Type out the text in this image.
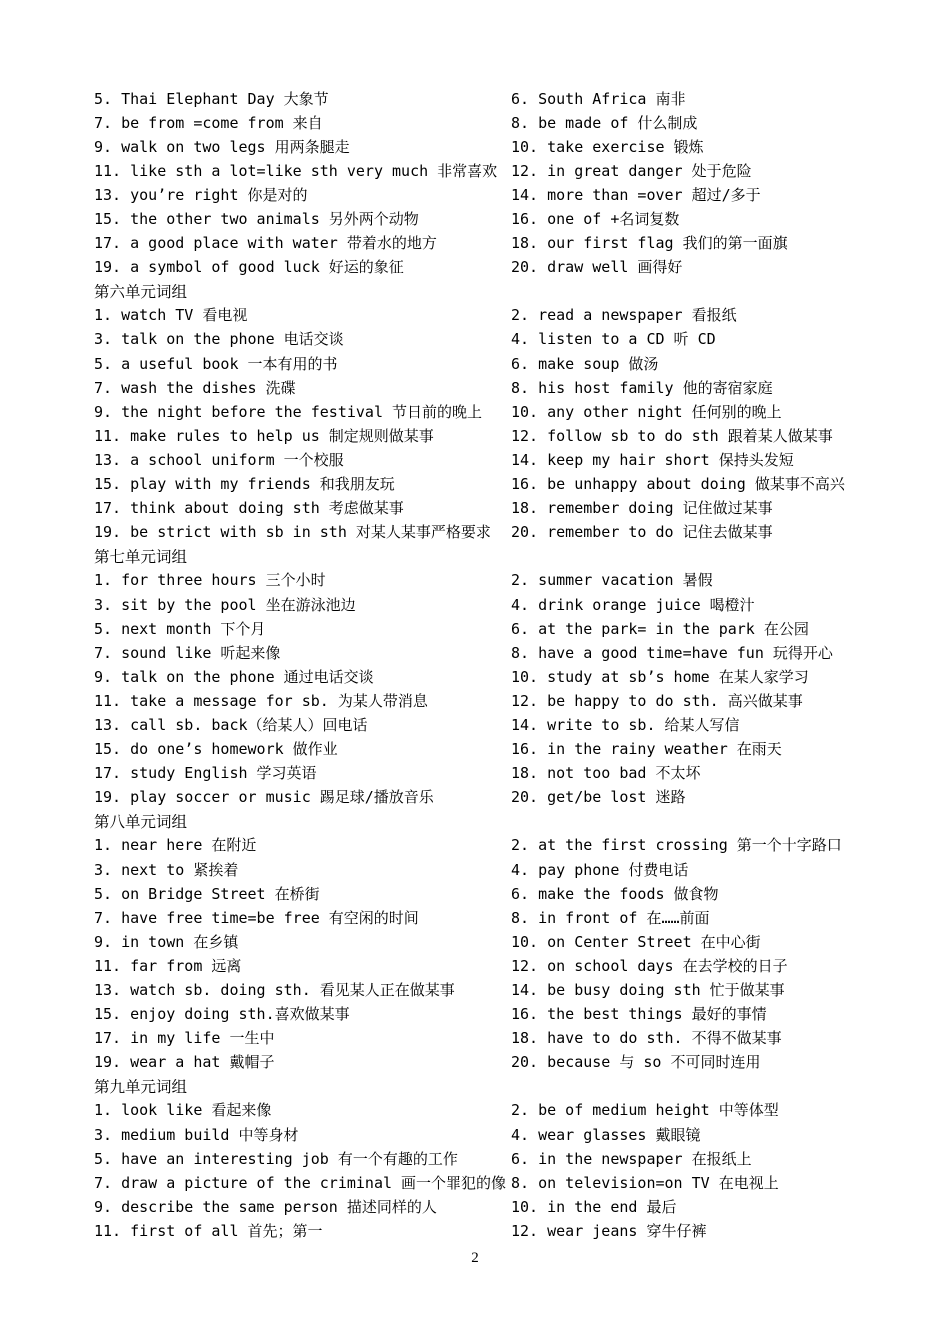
5. Thai Elephant Day 大象节	6. South Africa 南非
7. be from =come from 来自	8. be made of 什么制成
9. walk on two legs 用两条腿走	10. take exercise 锻炼
11. like sth a lot=like sth very much 非常喜欢 12. in great danger 处于危险
13. you’re right 你是对的	14. more than =over 超过/多于
15. the other two animals 另外两个动物	16. one of +名词复数
17. a good place with water 带着水的地方	18. our first flag 我们的第一面旗
19. a symbol of good luck 好运的象征	20. draw well 画得好
第六单元词组
1. watch TV 看电视	2. read a newspaper 看报纸
3. talk on the phone 电话交谈	4. listen to a CD 听 CD
5. a useful book 一本有用的书	6. make soup 做汤
7. wash the dishes 洗碟	8. his host family 他的寄宿家庭
9. the night before the festival 节日前的晚上	10. any other night 任何别的晚上
11. make rules to help us 制定规则做某事	12. follow sb to do sth 跟着某人做某事
13. a school uniform 一个校服	14. keep my hair short 保持头发短
15. play with my friends 和我朋友玩	16. be unhappy about doing 做某事不高兴
17. think about doing sth 考虑做某事	18. remember doing 记住做过某事
19. be strict with sb in sth 对某人某事严格要求	20. remember to do 记住去做某事
第七单元词组
1. for three hours 三个小时	2. summer vacation 暑假
3. sit by the pool 坐在游泳池边	4. drink orange juice 喝橙汁
5. next month 下个月	6. at the park= in the park 在公园
7. sound like 听起来像	8. have a good time=have fun 玩得开心
9. talk on the phone 通过电话交谈	10. study at sb’s home 在某人家学习
11. take a message for sb. 为某人带消息	12. be happy to do sth. 高兴做某事
13. call sb. back（给某人）回电话	14. write to sb. 给某人写信
15. do one’s homework 做作业	16. in the rainy weather 在雨天
17. study English 学习英语	18. not too bad 不太坏
19. play soccer or music 踢足球/播放音乐	20. get/be lost 迷路
第八单元词组
1. near here 在附近	2. at the first crossing 第一个十字路口
3. next to 紧挨着	4. pay phone 付费电话
5. on Bridge Street 在桥街	6. make the foods 做食物
7. have free time=be free 有空闲的时间	8. in front of 在……前面
9. in town 在乡镇	10. on Center Street 在中心街
11. far from 远离	12. on school days 在去学校的日子
13. watch sb. doing sth. 看见某人正在做某事	14. be busy doing sth 忙于做某事
15. enjoy doing sth.喜欢做某事	16. the best things 最好的事情
17. in my life 一生中	18. have to do sth. 不得不做某事
19. wear a hat 戴帽子	20. because 与 so 不可同时连用
第九单元词组
1. look like 看起来像	2. be of medium height 中等体型
3. medium build 中等身材	4. wear glasses 戴眼镜
5. have an interesting job 有一个有趣的工作	6. in the newspaper 在报纸上
7. draw a picture of the criminal 画一个罪犯的像 8. on television=on TV 在电视上
9. describe the same person 描述同样的人	10. in the end 最后
11. first of all 首先；第一	12. wear jeans 穿牛仔裤
2
